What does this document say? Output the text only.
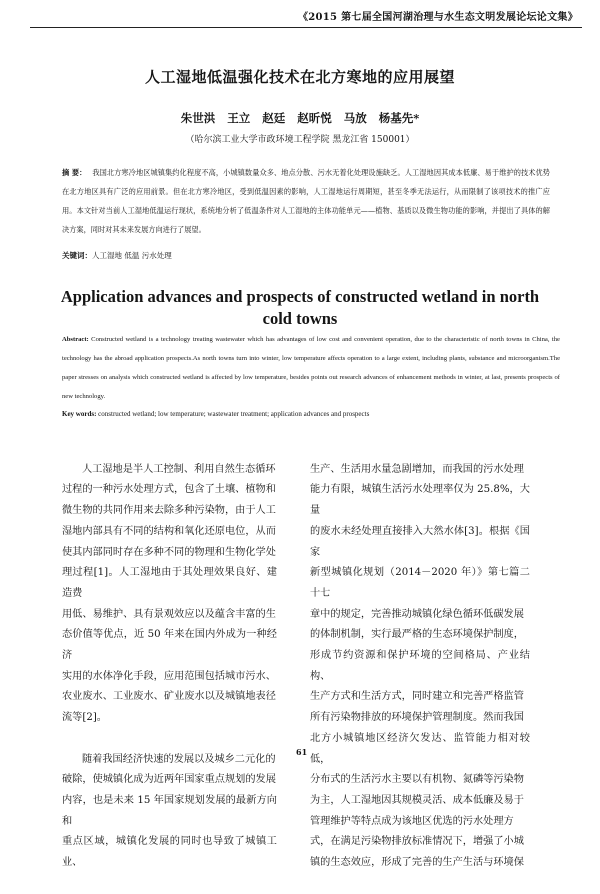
《2015 第七届全国河湖治理与水生态文明发展论坛论文集》
人工湿地低温强化技术在北方寒地的应用展望
朱世洪 王立 赵廷 赵昕悦 马放 杨基先*
（哈尔滨工业大学市政环境工程学院 黑龙江省 150001）
摘 要： 我国北方寒冷地区城镇集约化程度不高，小城镇数量众多、地点分散、污水无着化处理设施缺乏。人工湿地因其成本低廉、易于维护的技术优势在北方地区具有广泛的应用前景。但在北方寒冷地区，受到低温因素的影响，人工湿地运行周期短，甚至冬季无法运行，从而限制了该项技术的推广应用。本文针对当前人工湿地低温运行现状，系统地分析了低温条件对人工湿地的主体功能单元——植物、基质以及微生物功能的影响，并提出了具体的解决方案，同时对其未来发展方向进行了展望。
关键词：人工湿地 低温 污水处理
Application advances and prospects of constructed wetland in north cold towns
Abstract: Constructed wetland is a technology treating wastewater which has advantages of low cost and convenient operation, due to the characteristic of north towns in China, the technology has the abroad application prospects.As north towns turn into winter, low temperature affects operation to a large extent, including plants, substance and microorganism.The paper stresses on analysis which constructed wetland is affected by low temperature, besides points out research advances of enhancement methods in winter, at last, presents prospects of new technology.
Key words: constructed wetland; low temperature; wastewater treatment; application advances and prospects

人工湿地是半人工控制、利用自然生态循环
过程的一种污水处理方式，包含了土壤、植物和
微生物的共同作用来去除多种污染物，由于人工
湿地内部具有不同的结构和氧化还原电位，从而
使其内部同时存在多种不同的物理和生物化学处
理过程[1]。人工湿地由于其处理效果良好、建造费
用低、易维护、具有景观效应以及蕴含丰富的生
态价值等优点，近 50 年来在国内外成为一种经济
实用的水体净化手段，应用范围包括城市污水、
农业废水、工业废水、矿业废水以及城镇地表径
流等[2]。

随着我国经济快速的发展以及城乡二元化的
破除，使城镇化成为近两年国家重点规划的发展
内容，也是未来 15 年国家规划发展的最新方向和
重点区域，城镇化发展的同时也导致了城镇工业、

生产、生活用水量急剧增加，而我国的污水处理
能力有限，城镇生活污水处理率仅为 25.8%，大量
的废水未经处理直接排入大然水体[3]。根据《国家
新型城镇化规划（2014－2020 年）》第七篇二十七
章中的规定，完善推动城镇化绿色循环低碳发展
的体制机制，实行最严格的生态环境保护制度，
形成节约资源和保护环境的空间格局、产业结构、
生产方式和生活方式，同时建立和完善严格监管
所有污染物排放的环境保护管理制度。然而我国
北方小城镇地区经济欠发达、监管能力相对较低，
分布式的生活污水主要以有机物、氮磷等污染物
为主，人工湿地因其规模灵活、成本低廉及易于
管理维护等特点成为该地区优选的污水处理方
式，在满足污染物排放标准情况下，增强了小城
镇的生态效应，形成了完善的生产生活与环境保

61
